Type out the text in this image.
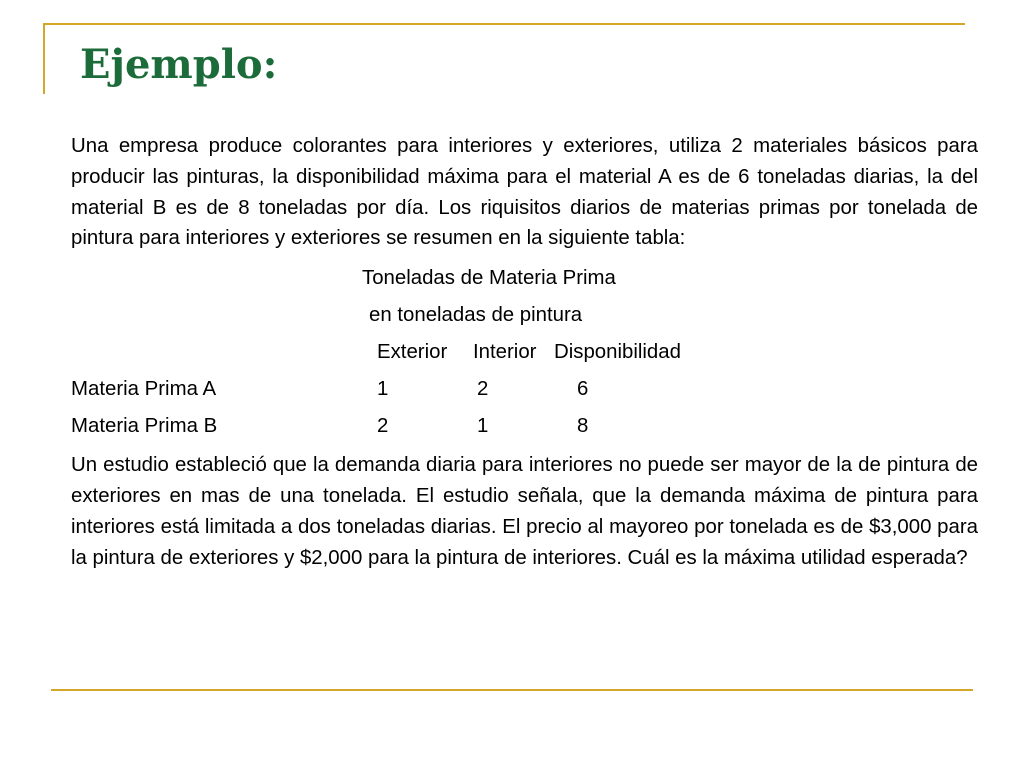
Ejemplo:

Una empresa produce colorantes para interiores y exteriores, utiliza 2 materiales básicos para producir las pinturas, la disponibilidad máxima para el material A es de 6 toneladas diarias, la del material B es de 8 toneladas por día. Los riquisitos diarios de materias primas por tonelada de pintura para interiores y exteriores se resumen en la siguiente tabla:

Toneladas de Materia Prima
en toneladas de pintura
Exterior Interior Disponibilidad
Materia Prima A	1	2	6
Materia Prima B	2	1	8

Un estudio estableció que la demanda diaria para interiores no puede ser mayor de la de pintura de exteriores en mas de una tonelada. El estudio señala, que la demanda máxima de pintura para interiores está limitada a dos toneladas diarias. El precio al mayoreo por tonelada es de $3,000 para la pintura de exteriores y $2,000 para la pintura de interiores. Cuál es la máxima utilidad esperada?
